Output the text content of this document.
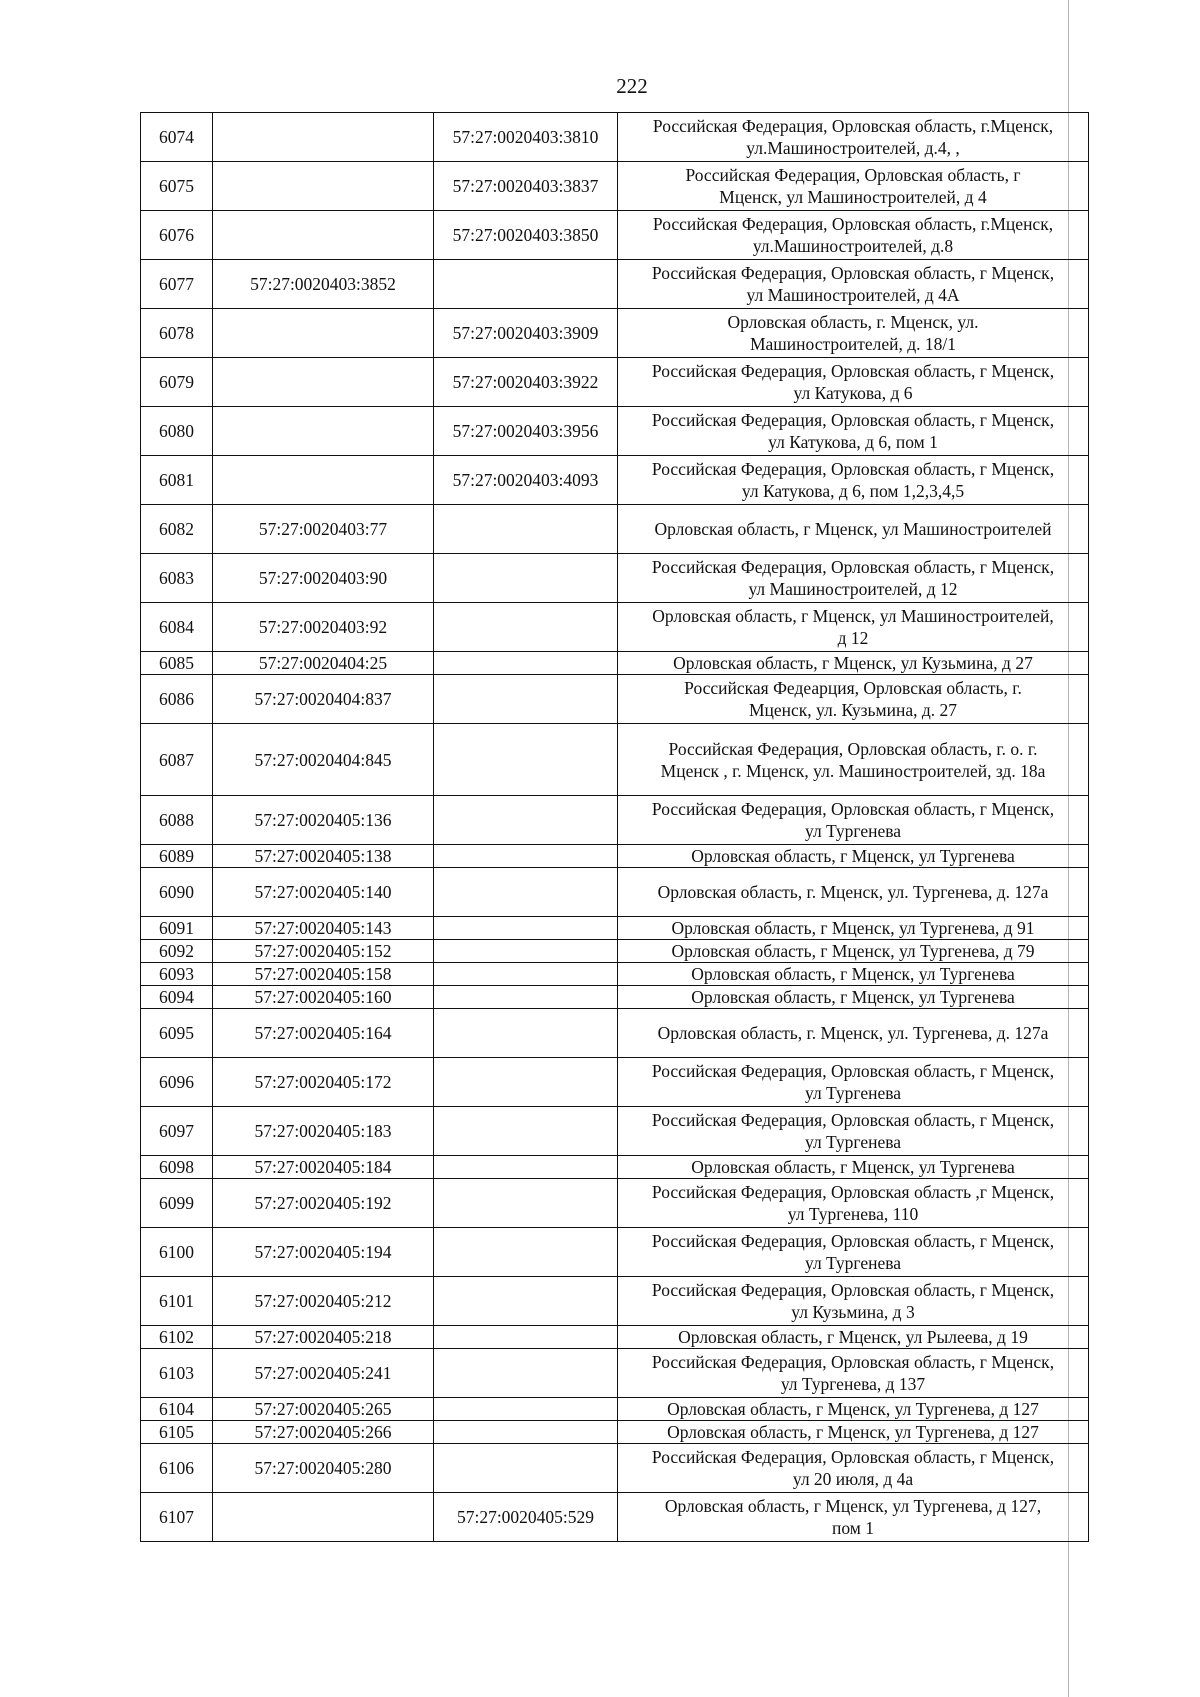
222
6074		57:27:0020403:3810	Российская Федерация, Орловская область, г.Мценск,
ул.Машиностроителей, д.4, ,
6075		57:27:0020403:3837	Российская Федерация, Орловская область, г
Мценск, ул Машиностроителей, д 4
6076		57:27:0020403:3850	Российская Федерация, Орловская область, г.Мценск,
ул.Машиностроителей, д.8
6077	57:27:0020403:3852		Российская Федерация, Орловская область, г Мценск,
ул Машиностроителей, д 4А
6078		57:27:0020403:3909	Орловская область, г. Мценск, ул.
Машиностроителей, д. 18/1
6079		57:27:0020403:3922	Российская Федерация, Орловская область, г Мценск,
ул Катукова, д 6
6080		57:27:0020403:3956	Российская Федерация, Орловская область, г Мценск,
ул Катукова, д 6, пом 1
6081		57:27:0020403:4093	Российская Федерация, Орловская область, г Мценск,
ул Катукова, д 6, пом 1,2,3,4,5
6082	57:27:0020403:77		Орловская область, г Мценск, ул Машиностроителей
6083	57:27:0020403:90		Российская Федерация, Орловская область, г Мценск,
ул Машиностроителей, д 12
6084	57:27:0020403:92		Орловская область, г Мценск, ул Машиностроителей,
д 12
6085	57:27:0020404:25		Орловская область, г Мценск, ул Кузьмина, д 27
6086	57:27:0020404:837		Российская Федеарция, Орловская область, г.
Мценск, ул. Кузьмина, д. 27
6087	57:27:0020404:845		Российская Федерация, Орловская область, г. о. г.
Мценск , г. Мценск, ул. Машиностроителей, зд. 18а
6088	57:27:0020405:136		Российская Федерация, Орловская область, г Мценск,
ул Тургенева
6089	57:27:0020405:138		Орловская область, г Мценск, ул Тургенева
6090	57:27:0020405:140		Орловская область, г. Мценск, ул. Тургенева, д. 127а
6091	57:27:0020405:143		Орловская область, г Мценск, ул Тургенева, д 91
6092	57:27:0020405:152		Орловская область, г Мценск, ул Тургенева, д 79
6093	57:27:0020405:158		Орловская область, г Мценск, ул Тургенева
6094	57:27:0020405:160		Орловская область, г Мценск, ул Тургенева
6095	57:27:0020405:164		Орловская область, г. Мценск, ул. Тургенева, д. 127а
6096	57:27:0020405:172		Российская Федерация, Орловская область, г Мценск,
ул Тургенева
6097	57:27:0020405:183		Российская Федерация, Орловская область, г Мценск,
ул Тургенева
6098	57:27:0020405:184		Орловская область, г Мценск, ул Тургенева
6099	57:27:0020405:192		Российская Федерация, Орловская область ,г Мценск,
ул Тургенева, 110
6100	57:27:0020405:194		Российская Федерация, Орловская область, г Мценск,
ул Тургенева
6101	57:27:0020405:212		Российская Федерация, Орловская область, г Мценск,
ул Кузьмина, д 3
6102	57:27:0020405:218		Орловская область, г Мценск, ул Рылеева, д 19
6103	57:27:0020405:241		Российская Федерация, Орловская область, г Мценск,
ул Тургенева, д 137
6104	57:27:0020405:265		Орловская область, г Мценск, ул Тургенева, д 127
6105	57:27:0020405:266		Орловская область, г Мценск, ул Тургенева, д 127
6106	57:27:0020405:280		Российская Федерация, Орловская область, г Мценск,
ул 20 июля, д 4а
6107		57:27:0020405:529	Орловская область, г Мценск, ул Тургенева, д 127,
пом 1
